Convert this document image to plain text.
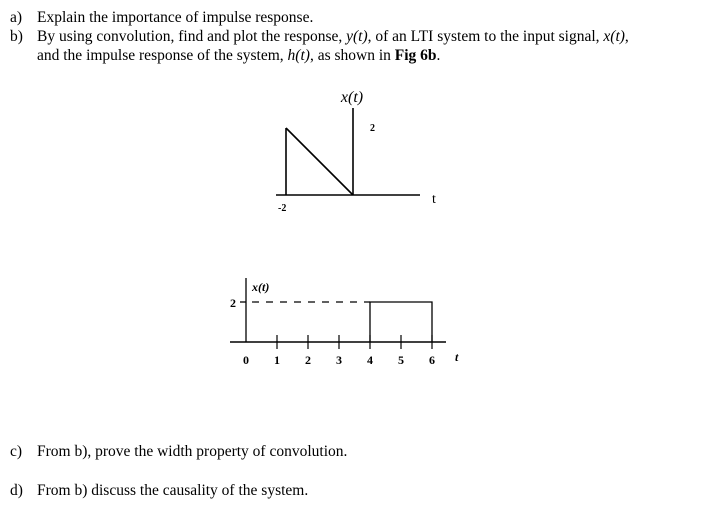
a) Explain the importance of impulse response.
b) By using convolution, find and plot the response, y(t), of an LTI system to the input signal, x(t),
and the impulse response of the system, h(t), as shown in Fig 6b.
x(t)
2
-2
t
x(t)
2
0 1 2 3 4 5 6 t
c) From b), prove the width property of convolution.
d) From b) discuss the causality of the system.
